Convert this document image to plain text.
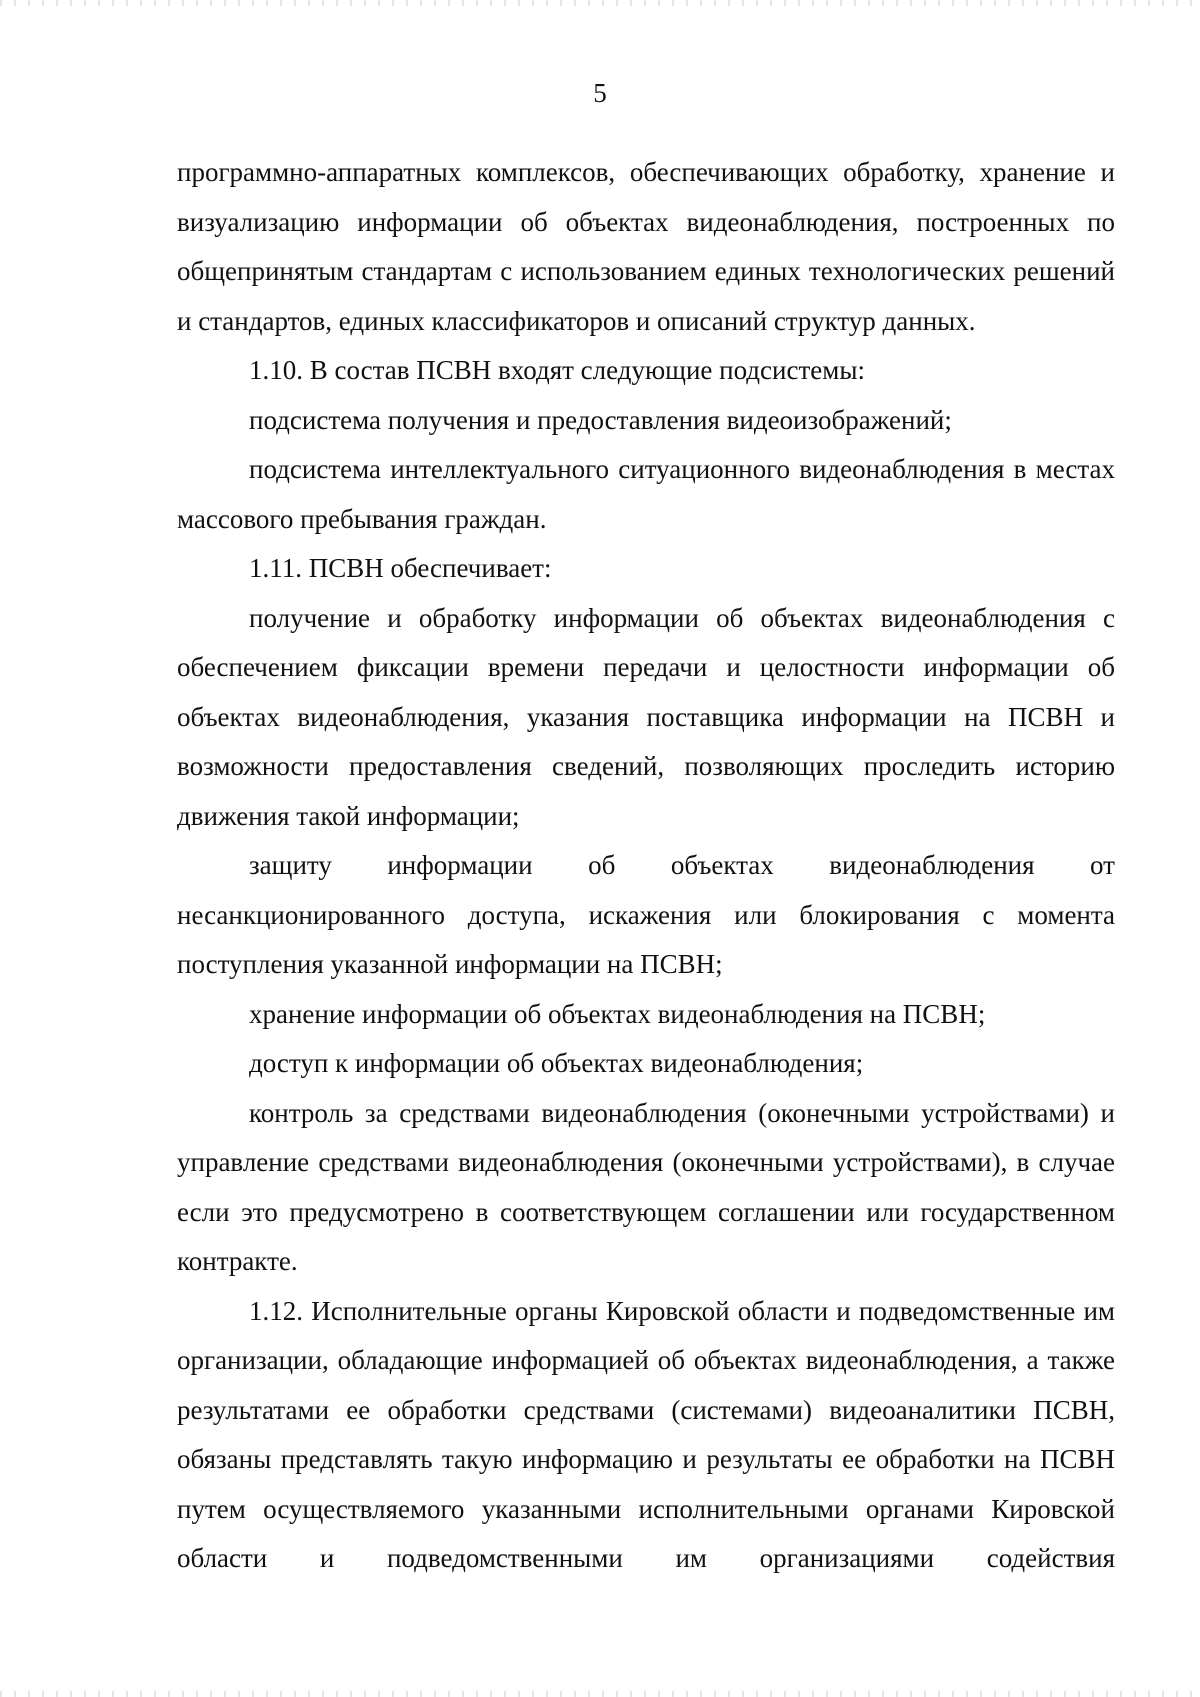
5

программно-аппаратных комплексов, обеспечивающих обработку, хранение и визуализацию информации об объектах видеонаблюдения, построенных по общепринятым стандартам с использованием единых технологических решений и стандартов, единых классификаторов и описаний структур данных.

1.10. В состав ПСВН входят следующие подсистемы:

подсистема получения и предоставления видеоизображений;

подсистема интеллектуального ситуационного видеонаблюдения в местах массового пребывания граждан.

1.11. ПСВН обеспечивает:

получение и обработку информации об объектах видеонаблюдения с обеспечением фиксации времени передачи и целостности информации об объектах видеонаблюдения, указания поставщика информации на ПСВН и возможности предоставления сведений, позволяющих проследить историю движения такой информации;

защиту информации об объектах видеонаблюдения от несанкционированного доступа, искажения или блокирования с момента поступления указанной информации на ПСВН;

хранение информации об объектах видеонаблюдения на ПСВН;

доступ к информации об объектах видеонаблюдения;

контроль за средствами видеонаблюдения (оконечными устройствами) и управление средствами видеонаблюдения (оконечными устройствами), в случае если это предусмотрено в соответствующем соглашении или государственном контракте.

1.12. Исполнительные органы Кировской области и подведомственные им организации, обладающие информацией об объектах видеонаблюдения, а также результатами ее обработки средствами (системами) видеоаналитики ПСВН, обязаны представлять такую информацию и результаты ее обработки на ПСВН путем осуществляемого указанными исполнительными органами Кировской области и подведомственными им организациями содействия
